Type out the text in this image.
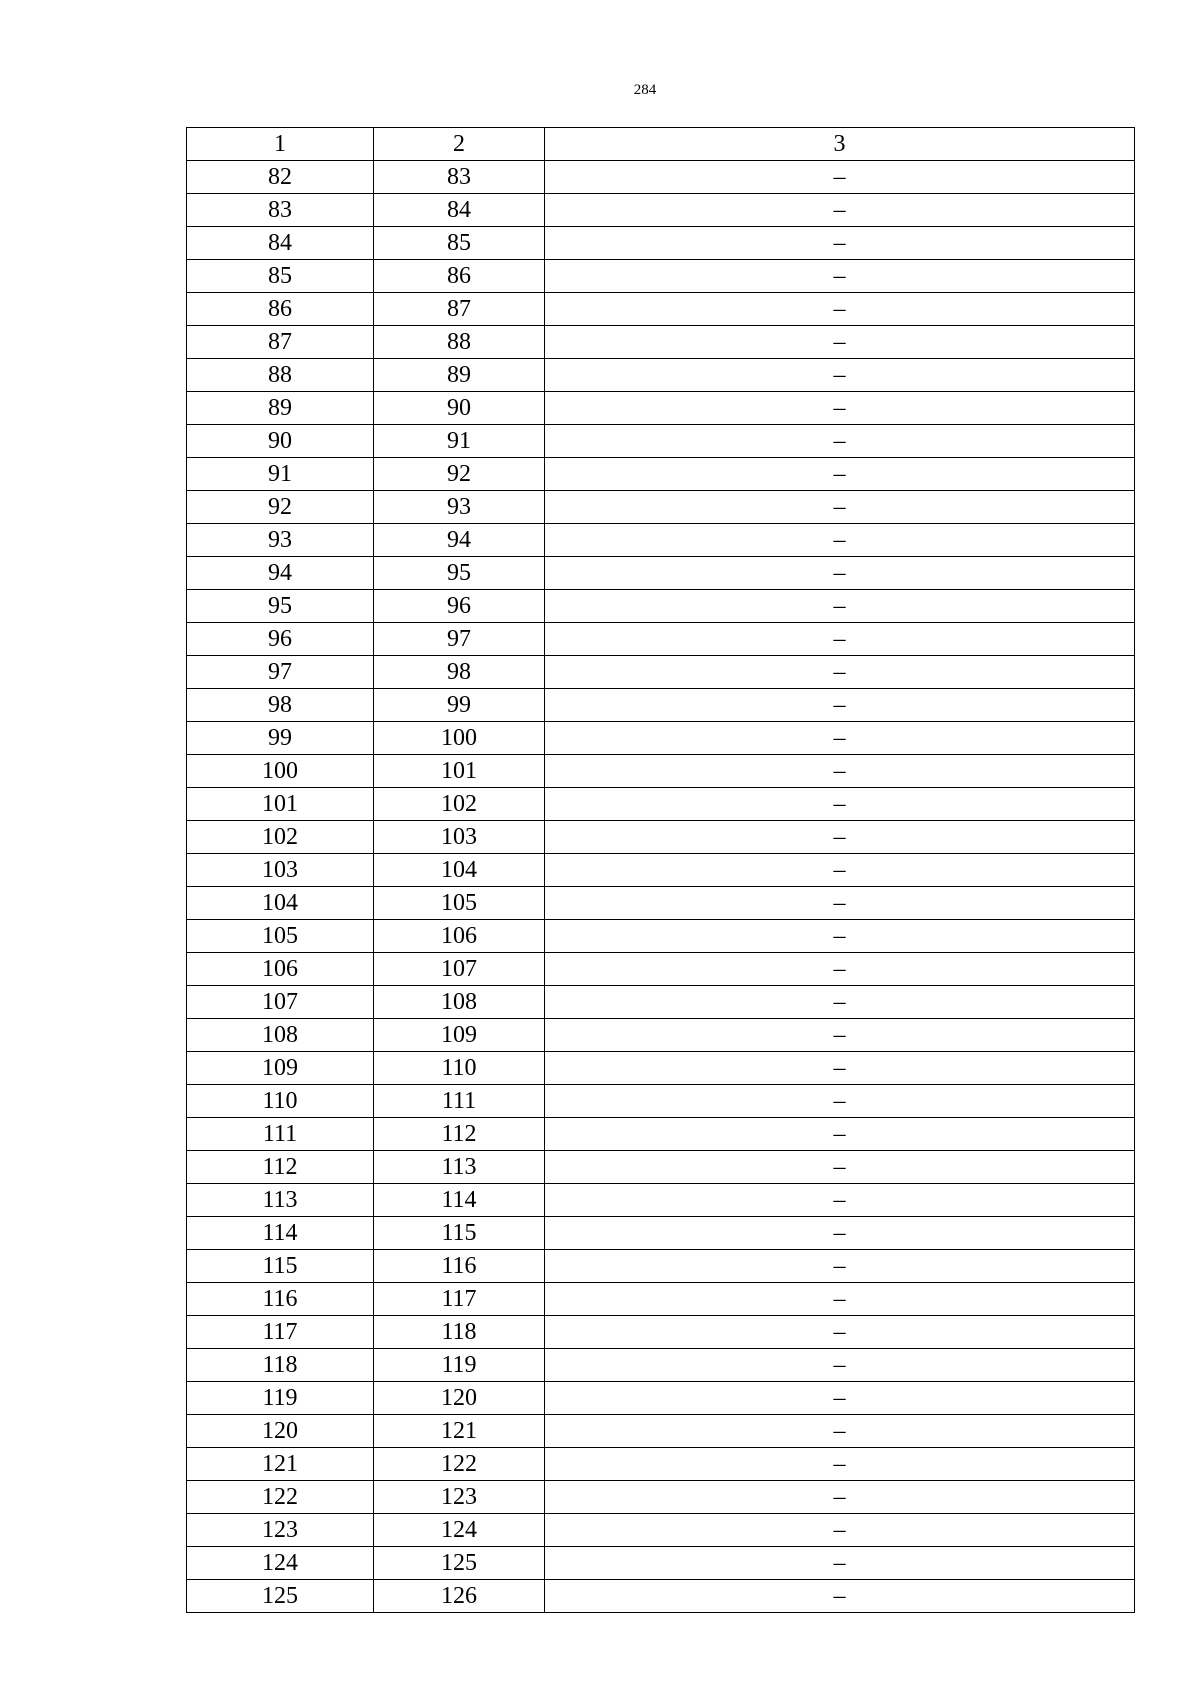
284
1	2	3
82	83	–
83	84	–
84	85	–
85	86	–
86	87	–
87	88	–
88	89	–
89	90	–
90	91	–
91	92	–
92	93	–
93	94	–
94	95	–
95	96	–
96	97	–
97	98	–
98	99	–
99	100	–
100	101	–
101	102	–
102	103	–
103	104	–
104	105	–
105	106	–
106	107	–
107	108	–
108	109	–
109	110	–
110	111	–
111	112	–
112	113	–
113	114	–
114	115	–
115	116	–
116	117	–
117	118	–
118	119	–
119	120	–
120	121	–
121	122	–
122	123	–
123	124	–
124	125	–
125	126	–
